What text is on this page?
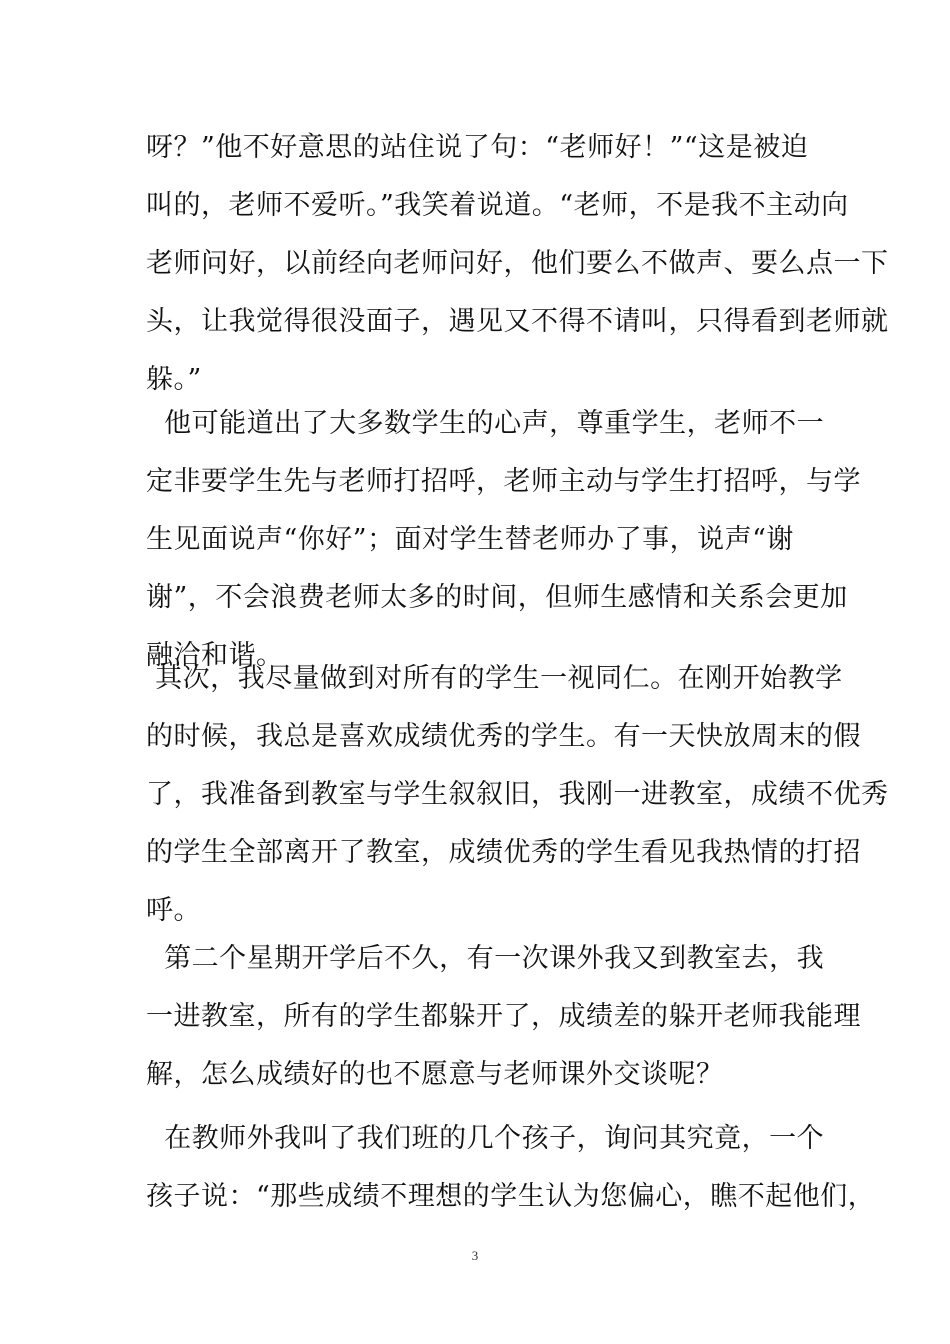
呀？”他不好意思的站住说了句：“老师好！”“这是被迫
叫的，老师不爱听。”我笑着说道。“老师，不是我不主动向
老师问好，以前经向老师问好，他们要么不做声、要么点一下
头，让我觉得很没面子，遇见又不得不请叫，只得看到老师就
躲。”
他可能道出了大多数学生的心声，尊重学生，老师不一
定非要学生先与老师打招呼，老师主动与学生打招呼，与学
生见面说声“你好”；面对学生替老师办了事，说声“谢
谢”，不会浪费老师太多的时间，但师生感情和关系会更加
融洽和谐。
其次，我尽量做到对所有的学生一视同仁。在刚开始教学
的时候，我总是喜欢成绩优秀的学生。有一天快放周末的假
了，我准备到教室与学生叙叙旧，我刚一进教室，成绩不优秀
的学生全部离开了教室，成绩优秀的学生看见我热情的打招
呼。
第二个星期开学后不久，有一次课外我又到教室去，我
一进教室，所有的学生都躲开了，成绩差的躲开老师我能理
解，怎么成绩好的也不愿意与老师课外交谈呢？
在教师外我叫了我们班的几个孩子，询问其究竟，一个
孩子说：“那些成绩不理想的学生认为您偏心，瞧不起他们，
3
